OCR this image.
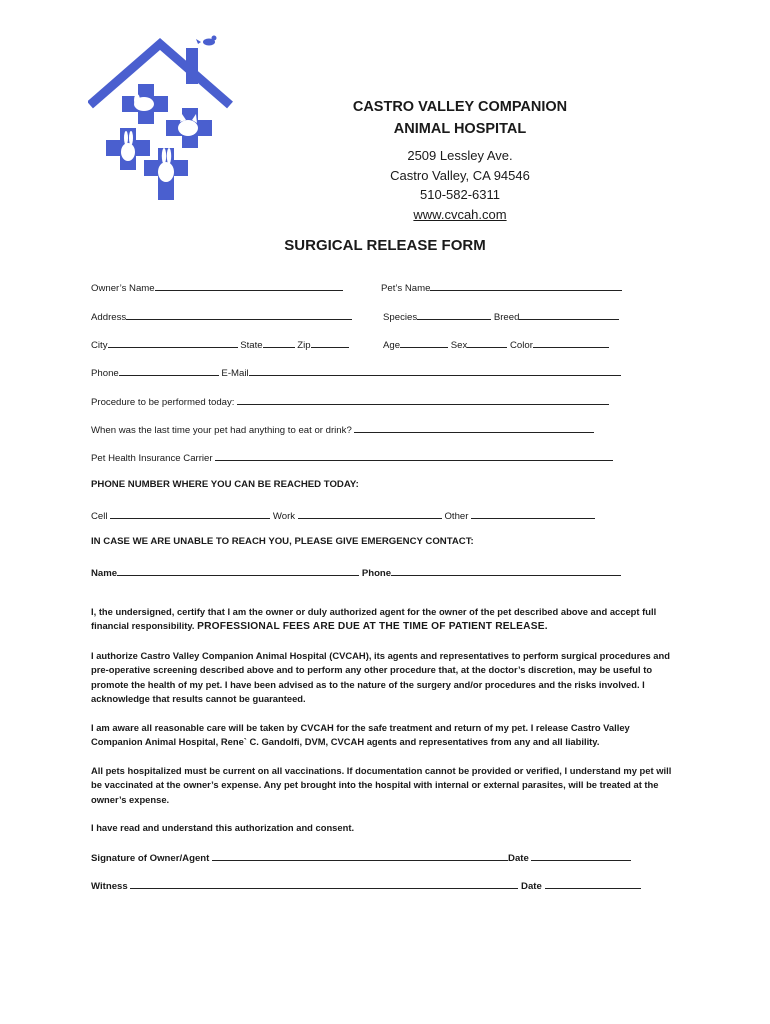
CASTRO VALLEY COMPANION
ANIMAL HOSPITAL
2509 Lessley Ave.
Castro Valley, CA 94546
510-582-6311
www.cvcah.com
SURGICAL RELEASE FORM
Owner’s Name	Pet’s Name
Address	Species	Breed
City	State	Zip	Age	Sex	Color
Phone	E-Mail
Procedure to be performed today:
When was the last time your pet had anything to eat or drink?
Pet Health Insurance Carrier
PHONE NUMBER WHERE YOU CAN BE REACHED TODAY:
Cell	Work	Other
IN CASE WE ARE UNABLE TO REACH YOU, PLEASE GIVE EMERGENCY CONTACT:
Name	Phone
I, the undersigned, certify that I am the owner or duly authorized agent for the owner of the pet described above and accept full financial responsibility. PROFESSIONAL FEES ARE DUE AT THE TIME OF PATIENT RELEASE.
I authorize Castro Valley Companion Animal Hospital (CVCAH), its agents and representatives to perform surgical procedures and pre-operative screening described above and to perform any other procedure that, at the doctor’s discretion, may be useful to promote the health of my pet. I have been advised as to the nature of the surgery and/or procedures and the risks involved. I acknowledge that results cannot be guaranteed.
I am aware all reasonable care will be taken by CVCAH for the safe treatment and return of my pet. I release Castro Valley Companion Animal Hospital, Rene` C. Gandolfi, DVM, CVCAH agents and representatives from any and all liability.
All pets hospitalized must be current on all vaccinations. If documentation cannot be provided or verified, I understand my pet will be vaccinated at the owner’s expense. Any pet brought into the hospital with internal or external parasites, will be treated at the owner’s expense.
I have read and understand this authorization and consent.
Signature of Owner/Agent	Date
Witness	Date
